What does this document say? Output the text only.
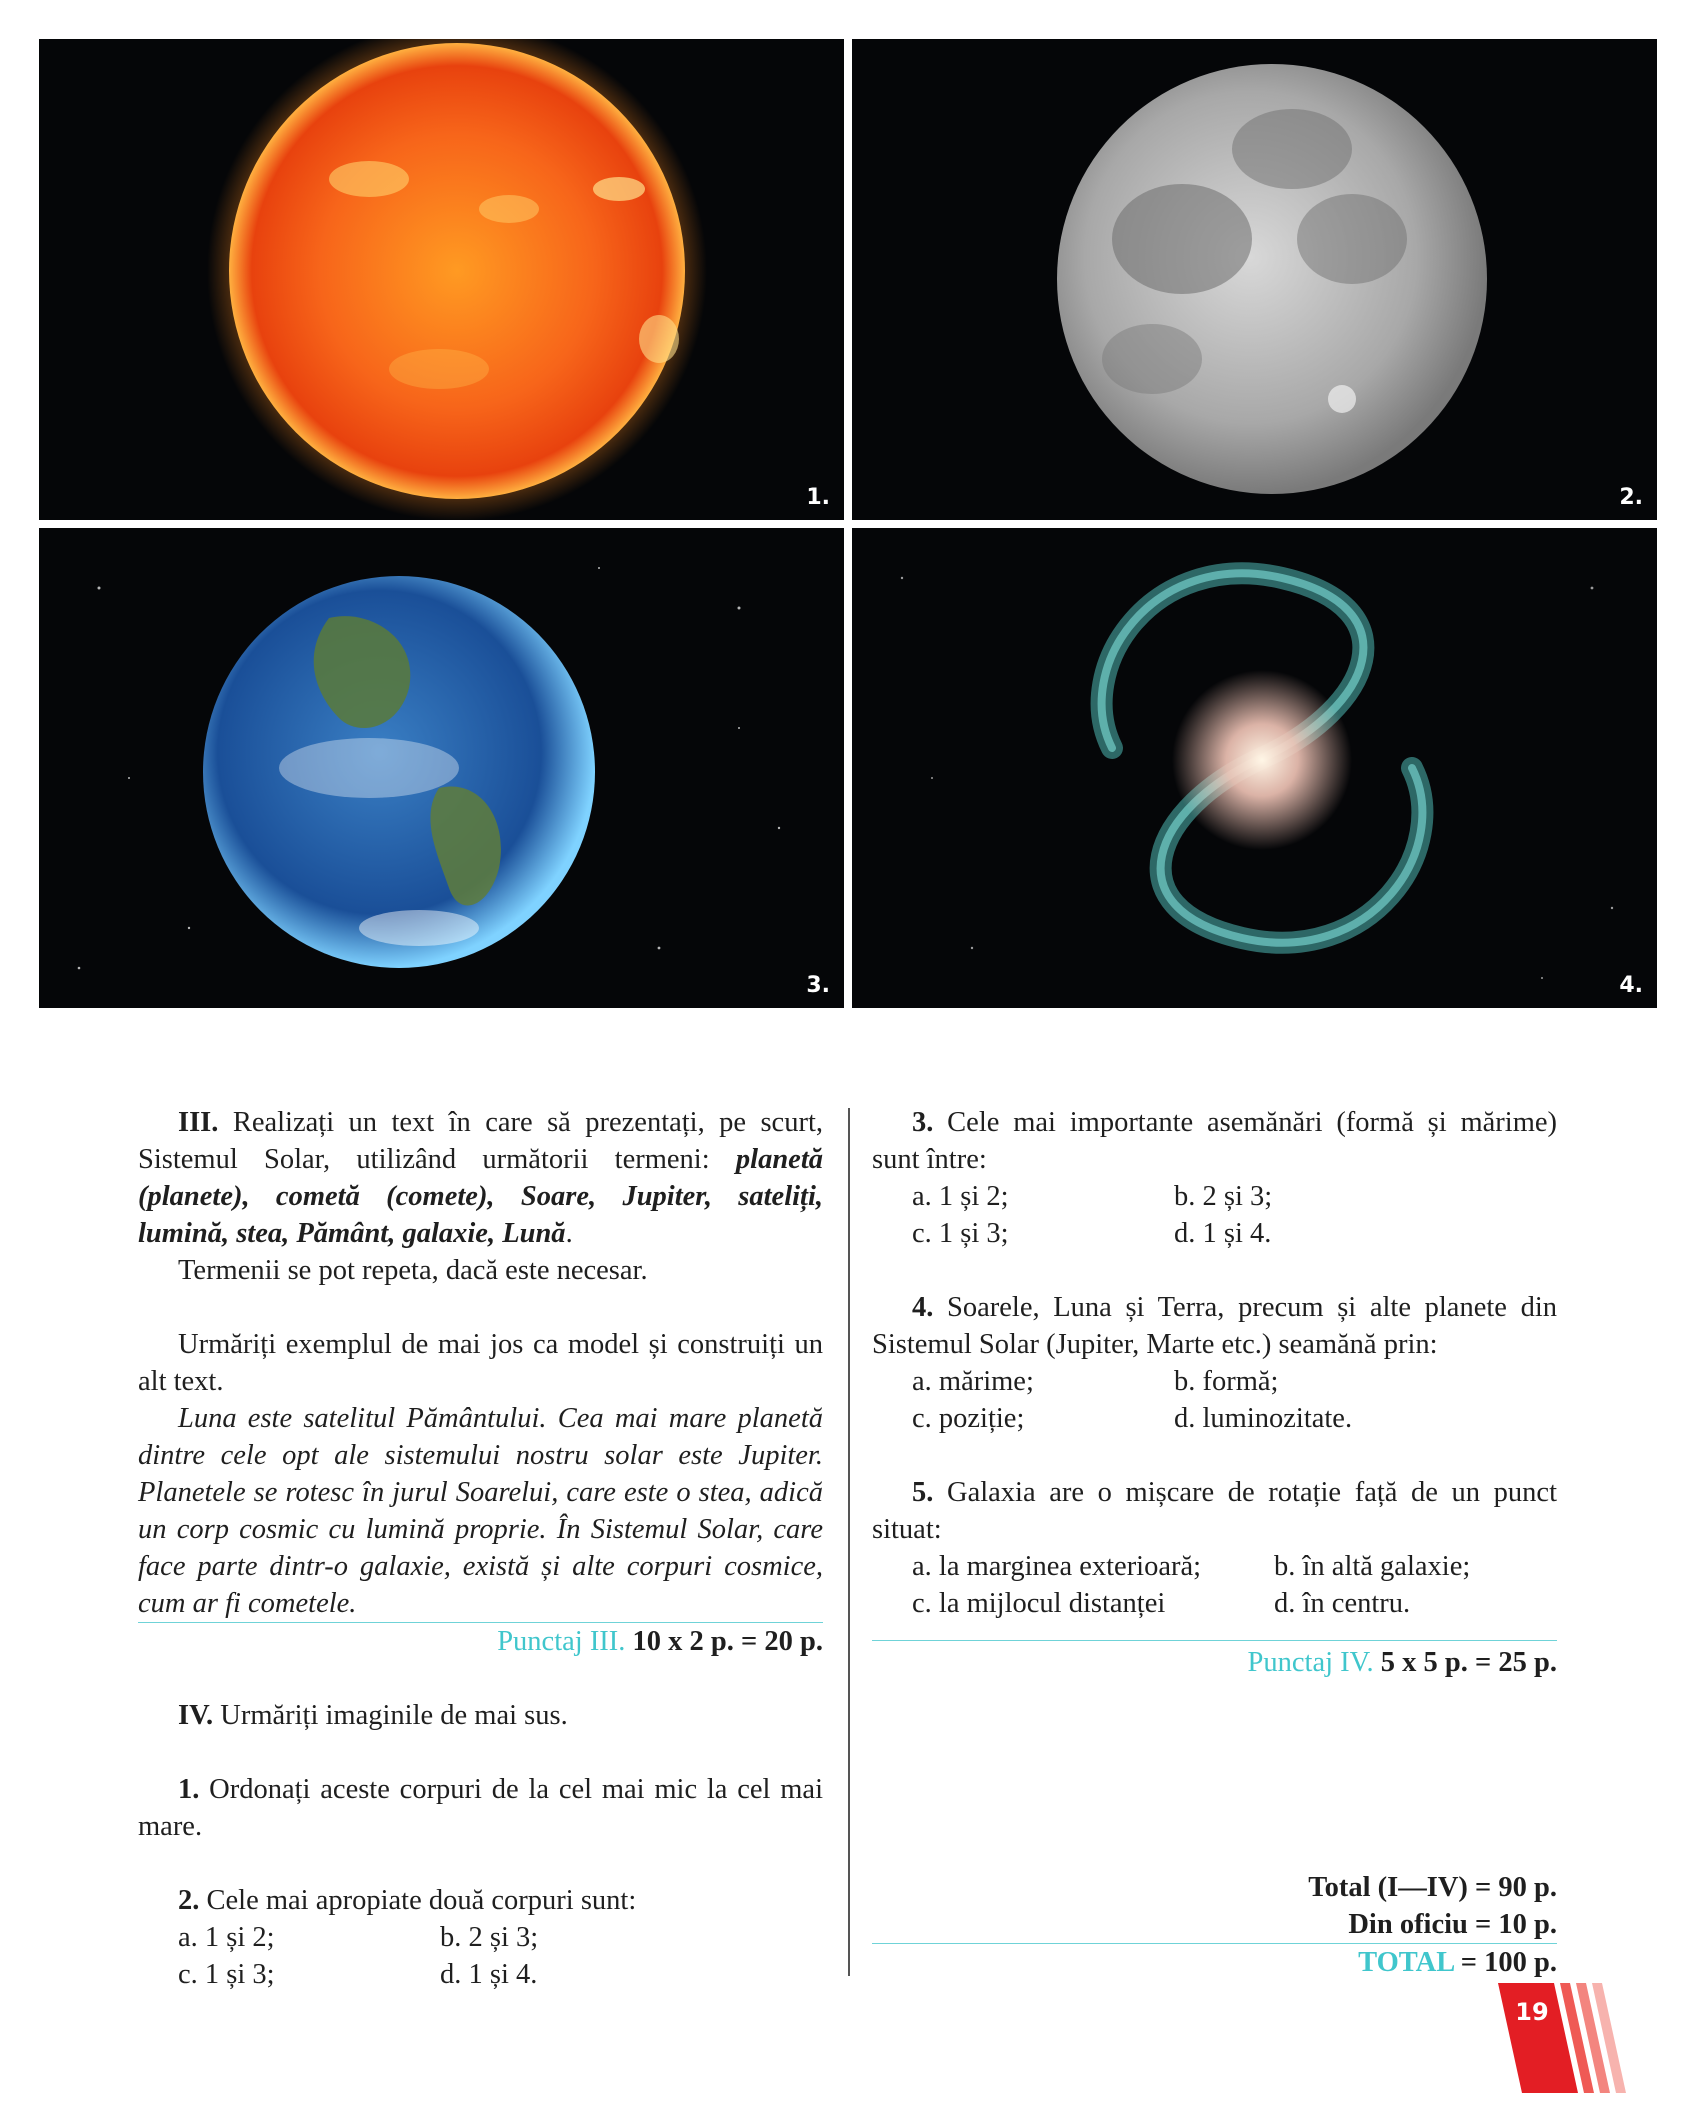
1.	2.
3.	4.

III. Realizați un text în care să prezentați, pe scurt, Sistemul Solar, utilizând următorii termeni: planetă (planete), cometă (comete), Soare, Jupiter, sateliți, lumină, stea, Pământ, galaxie, Lună.

Termenii se pot repeta, dacă este necesar.

Urmăriți exemplul de mai jos ca model și construiți un alt text.

Luna este satelitul Pământului. Cea mai mare planetă dintre cele opt ale sistemului nostru solar este Jupiter. Planetele se rotesc în jurul Soarelui, care este o stea, adică un corp cosmic cu lumină proprie. În Sistemul Solar, care face parte dintr-o galaxie, există și alte corpuri cosmice, cum ar fi cometele.

Punctaj III. 10 x 2 p. = 20 p.

IV. Urmăriți imaginile de mai sus.

1. Ordonați aceste corpuri de la cel mai mic la cel mai mare.

2. Cele mai apropiate două corpuri sunt:

a. 1 și 2;	b. 2 și 3;
c. 1 și 3;	d. 1 și 4.

3. Cele mai importante asemănări (formă și mărime) sunt între:

a. 1 și 2;	b. 2 și 3;
c. 1 și 3;	d. 1 și 4.

4. Soarele, Luna și Terra, precum și alte planete din Sistemul Solar (Jupiter, Marte etc.) seamănă prin:

a. mărime;	b. formă;
c. poziție;	d. luminozitate.

5. Galaxia are o mișcare de rotație față de un punct situat:

a. la marginea exterioară;	b. în altă galaxie;
c. la mijlocul distanței	d. în centru.

Punctaj IV. 5 x 5 p. = 25 p.

Total (I—IV) = 90 p.

Din oficiu = 10 p.

TOTAL = 100 p.

19
